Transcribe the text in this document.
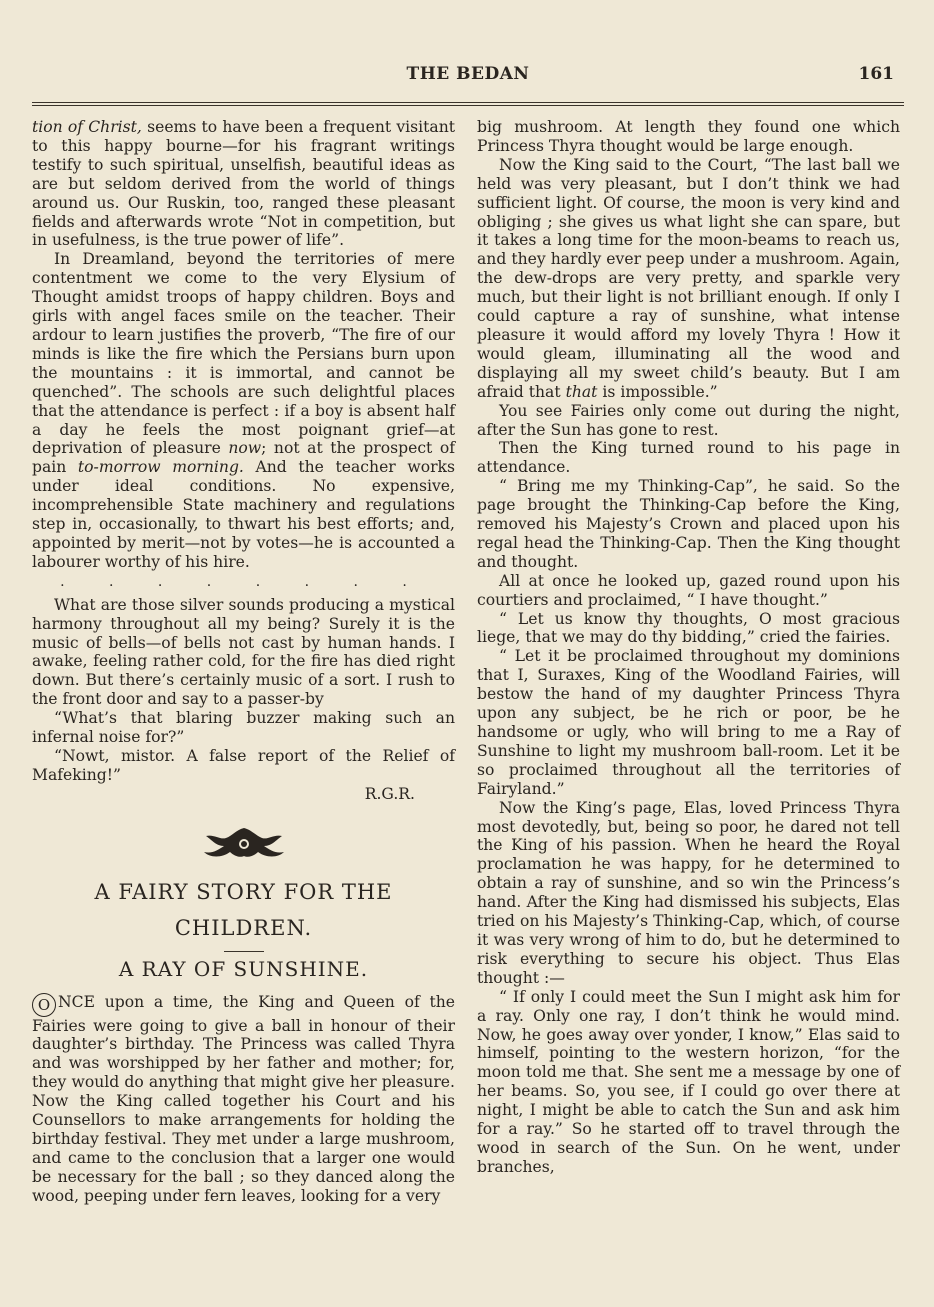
THE BEDAN	161

tion of Christ, seems to have been a frequent visitant to this happy bourne—for his fragrant writings testify to such spiritual, unselfish, beautiful ideas as are but seldom derived from the world of things around us. Our Ruskin, too, ranged these pleasant fields and afterwards wrote “Not in competition, but in usefulness, is the true power of life”.

In Dreamland, beyond the territories of mere contentment we come to the very Elysium of Thought amidst troops of happy children. Boys and girls with angel faces smile on the teacher. Their ardour to learn justifies the proverb, “The fire of our minds is like the fire which the Persians burn upon the mountains : it is immortal, and cannot be quenched”. The schools are such delightful places that the attendance is perfect : if a boy is absent half a day he feels the most poignant grief—at deprivation of pleasure now; not at the prospect of pain to-morrow morning. And the teacher works under ideal conditions. No expensive, incomprehensible State machinery and regulations step in, occasionally, to thwart his best efforts; and, appointed by merit—not by votes—he is accounted a labourer worthy of his hire.

. . . . . . . .

What are those silver sounds producing a mystical harmony throughout all my being? Surely it is the music of bells—of bells not cast by human hands. I awake, feeling rather cold, for the fire has died right down. But there’s certainly music of a sort. I rush to the front door and say to a passer-by

“What’s that blaring buzzer making such an infernal noise for?”

“Nowt, mistor. A false report of the Relief of Mafeking!”

R.G.R.

A FAIRY STORY FOR THE
CHILDREN.
A RAY OF SUNSHINE.

O NCE upon a time, the King and Queen of the Fairies were going to give a ball in honour of their daughter’s birthday. The Princess was called Thyra and was worshipped by her father and mother; for, they would do anything that might give her pleasure. Now the King called together his Court and his Counsellors to make arrangements for holding the birthday festival. They met under a large mushroom, and came to the conclusion that a larger one would be necessary for the ball ; so they danced along the wood, peeping under fern leaves, looking for a very

big mushroom. At length they found one which Princess Thyra thought would be large enough.

Now the King said to the Court, “The last ball we held was very pleasant, but I don’t think we had sufficient light. Of course, the moon is very kind and obliging ; she gives us what light she can spare, but it takes a long time for the moon-beams to reach us, and they hardly ever peep under a mushroom. Again, the dew-drops are very pretty, and sparkle very much, but their light is not brilliant enough. If only I could capture a ray of sunshine, what intense pleasure it would afford my lovely Thyra ! How it would gleam, illuminating all the wood and displaying all my sweet child’s beauty. But I am afraid that that is impossible.”

You see Fairies only come out during the night, after the Sun has gone to rest.

Then the King turned round to his page in attendance.

“ Bring me my Thinking-Cap”, he said. So the page brought the Thinking-Cap before the King, removed his Majesty’s Crown and placed upon his regal head the Thinking-Cap. Then the King thought and thought.

All at once he looked up, gazed round upon his courtiers and proclaimed, “ I have thought.”

“ Let us know thy thoughts, O most gracious liege, that we may do thy bidding,” cried the fairies.

“ Let it be proclaimed throughout my dominions that I, Suraxes, King of the Woodland Fairies, will bestow the hand of my daughter Princess Thyra upon any subject, be he rich or poor, be he handsome or ugly, who will bring to me a Ray of Sunshine to light my mushroom ball-room. Let it be so proclaimed throughout all the territories of Fairyland.”

Now the King’s page, Elas, loved Princess Thyra most devotedly, but, being so poor, he dared not tell the King of his passion. When he heard the Royal proclamation he was happy, for he determined to obtain a ray of sunshine, and so win the Princess’s hand. After the King had dismissed his subjects, Elas tried on his Majesty’s Thinking-Cap, which, of course it was very wrong of him to do, but he determined to risk everything to secure his object. Thus Elas thought :—

“ If only I could meet the Sun I might ask him for a ray. Only one ray, I don’t think he would mind. Now, he goes away over yonder, I know,” Elas said to himself, pointing to the western horizon, “for the moon told me that. She sent me a message by one of her beams. So, you see, if I could go over there at night, I might be able to catch the Sun and ask him for a ray.” So he started off to travel through the wood in search of the Sun. On he went, under branches,
